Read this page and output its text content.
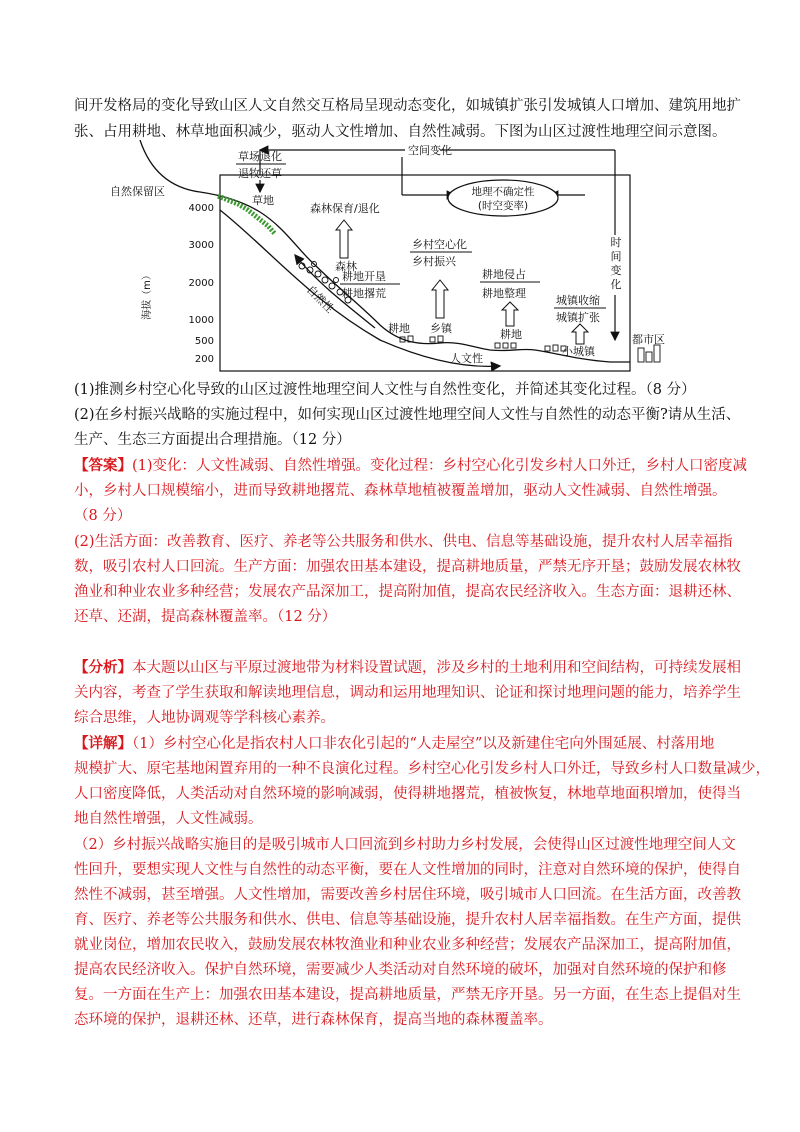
间开发格局的变化导致山区人文自然交互格局呈现动态变化，如城镇扩张引发城镇人口增加、建筑用地扩
张、占用耕地、林草地面积减少，驱动人文性增加、自然性减弱。下图为山区过渡性地理空间示意图。
空间变化
地理不确定性
(时空变率)
时
间
变
化
自然性
人文性
4000
3000
2000
1000
500
200
海拔（m）
自然保留区
草场退化
退牧还草
草地
森林保育/退化
森林
乡村空心化
乡村振兴
乡镇
耕地开垦
耕地撂荒
耕地
耕地侵占
耕地整理
耕地
城镇收缩
城镇扩张
小城镇
都市区
(1)推测乡村空心化导致的山区过渡性地理空间人文性与自然性变化，并简述其变化过程。（8 分）
(2)在乡村振兴战略的实施过程中，如何实现山区过渡性地理空间人文性与自然性的动态平衡?请从生活、
生产、生态三方面提出合理措施。（12 分）
【答案】(1)变化：人文性减弱、自然性增强。变化过程：乡村空心化引发乡村人口外迁，乡村人口密度减
小，乡村人口规模缩小，进而导致耕地撂荒、森林草地植被覆盖增加，驱动人文性减弱、自然性增强。
（8 分）
(2)生活方面：改善教育、医疗、养老等公共服务和供水、供电、信息等基础设施，提升农村人居幸福指
数，吸引农村人口回流。生产方面：加强农田基本建设，提高耕地质量，严禁无序开垦；鼓励发展农林牧
渔业和种业农业多种经营；发展农产品深加工，提高附加值，提高农民经济收入。生态方面：退耕还林、
还草、还湖，提高森林覆盖率。（12 分）
【分析】本大题以山区与平原过渡地带为材料设置试题，涉及乡村的土地利用和空间结构，可持续发展相
关内容，考查了学生获取和解读地理信息，调动和运用地理知识、论证和探讨地理问题的能力，培养学生
综合思维，人地协调观等学科核心素养。
【详解】（1）乡村空心化是指农村人口非农化引起的“人走屋空”以及新建住宅向外围延展、村落用地
规模扩大、原宅基地闲置弃用的一种不良演化过程。乡村空心化引发乡村人口外迁，导致乡村人口数量减少，
人口密度降低，人类活动对自然环境的影响减弱，使得耕地撂荒，植被恢复，林地草地面积增加，使得当
地自然性增强，人文性减弱。
（2）乡村振兴战略实施目的是吸引城市人口回流到乡村助力乡村发展，会使得山区过渡性地理空间人文
性回升，要想实现人文性与自然性的动态平衡，要在人文性增加的同时，注意对自然环境的保护，使得自
然性不减弱，甚至增强。人文性增加，需要改善乡村居住环境，吸引城市人口回流。在生活方面，改善教
育、医疗、养老等公共服务和供水、供电、信息等基础设施，提升农村人居幸福指数。在生产方面，提供
就业岗位，增加农民收入，鼓励发展农林牧渔业和种业农业多种经营；发展农产品深加工，提高附加值，
提高农民经济收入。保护自然环境，需要减少人类活动对自然环境的破坏，加强对自然环境的保护和修
复。一方面在生产上：加强农田基本建设，提高耕地质量，严禁无序开垦。另一方面，在生态上提倡对生
态环境的保护，退耕还林、还草，进行森林保育，提高当地的森林覆盖率。
